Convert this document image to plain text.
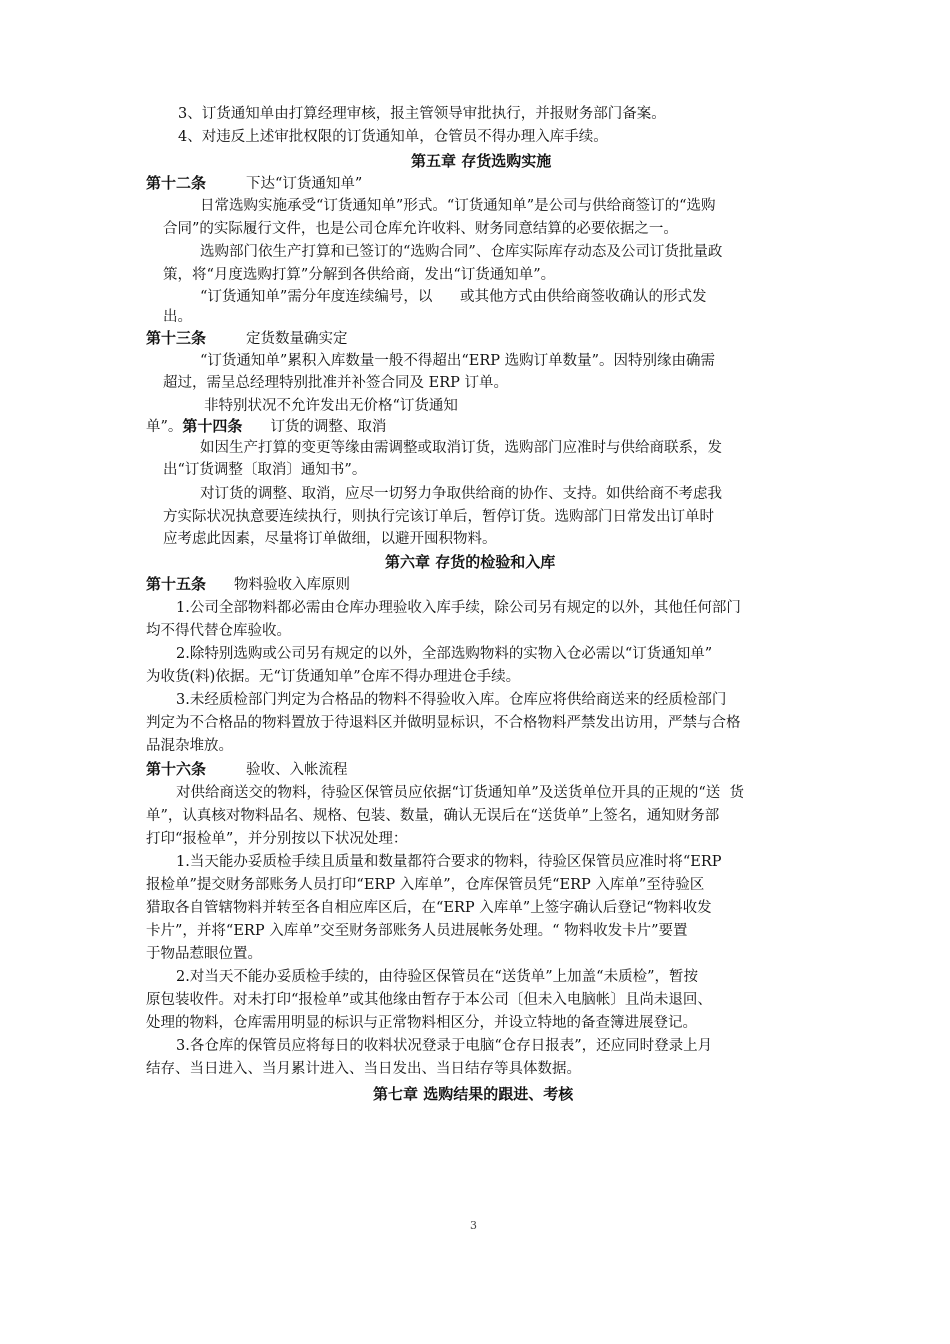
3、订货通知单由打算经理审核，报主管领导审批执行，并报财务部门备案。
4、对违反上述审批权限的订货通知单，仓管员不得办理入库手续。
第五章 存货选购实施
第十二条	下达“订货通知单”
日常选购实施承受“订货通知单”形式。“订货通知单”是公司与供给商签订的“选购
合同”的实际履行文件，也是公司仓库允许收料、财务同意结算的必要依据之一。
选购部门依生产打算和已签订的“选购合同”、仓库实际库存动态及公司订货批量政
策，将“月度选购打算”分解到各供给商，发出“订货通知单”。
“订货通知单”需分年度连续编号，以      或其他方式由供给商签收确认的形式发
出。
第十三条	定货数量确实定
“订货通知单”累积入库数量一般不得超出“ERP 选购订单数量”。因特别缘由确需
超过，需呈总经理特别批准并补签合同及 ERP 订单。
非特别状况不允许发出无价格“订货通知
单”。第十四条 订货的调整、取消
如因生产打算的变更等缘由需调整或取消订货，选购部门应准时与供给商联系，发
出“订货调整〔取消〕通知书”。
对订货的调整、取消，应尽一切努力争取供给商的协作、支持。如供给商不考虑我
方实际状况执意要连续执行，则执行完该订单后，暂停订货。选购部门日常发出订单时
应考虑此因素，尽量将订单做细，以避开囤积物料。
第六章 存货的检验和入库
第十五条 物料验收入库原则
1.公司全部物料都必需由仓库办理验收入库手续，除公司另有规定的以外，其他任何部门
均不得代替仓库验收。
2.除特别选购或公司另有规定的以外，全部选购物料的实物入仓必需以“订货通知单”
为收货(料)依据。无“订货通知单”仓库不得办理进仓手续。
3.未经质检部门判定为合格品的物料不得验收入库。仓库应将供给商送来的经质检部门
判定为不合格品的物料置放于待退料区并做明显标识，不合格物料严禁发出访用，严禁与合格
品混杂堆放。
第十六条	验收、入帐流程
对供给商送交的物料，待验区保管员应依据“订货通知单”及送货单位开具的正规的“送  货
单”，认真核对物料品名、规格、包装、数量，确认无误后在“送货单”上签名，通知财务部
打印“报检单”，并分别按以下状况处理：
1.当天能办妥质检手续且质量和数量都符合要求的物料，待验区保管员应准时将“ERP
报检单”提交财务部账务人员打印“ERP 入库单”，仓库保管员凭“ERP 入库单”至待验区
猎取各自管辖物料并转至各自相应库区后，在“ERP 入库单”上签字确认后登记“物料收发
卡片”，并将“ERP 入库单”交至财务部账务人员进展帐务处理。“ 物料收发卡片”要置
于物品惹眼位置。
2.对当天不能办妥质检手续的，由待验区保管员在“送货单”上加盖“未质检”，暂按
原包装收件。对未打印“报检单”或其他缘由暂存于本公司〔但未入电脑帐〕且尚未退回、
处理的物料，仓库需用明显的标识与正常物料相区分，并设立特地的备查簿进展登记。
3.各仓库的保管员应将每日的收料状况登录于电脑“仓存日报表”，还应同时登录上月
结存、当日进入、当月累计进入、当日发出、当日结存等具体数据。
第七章 选购结果的跟进、考核
3
